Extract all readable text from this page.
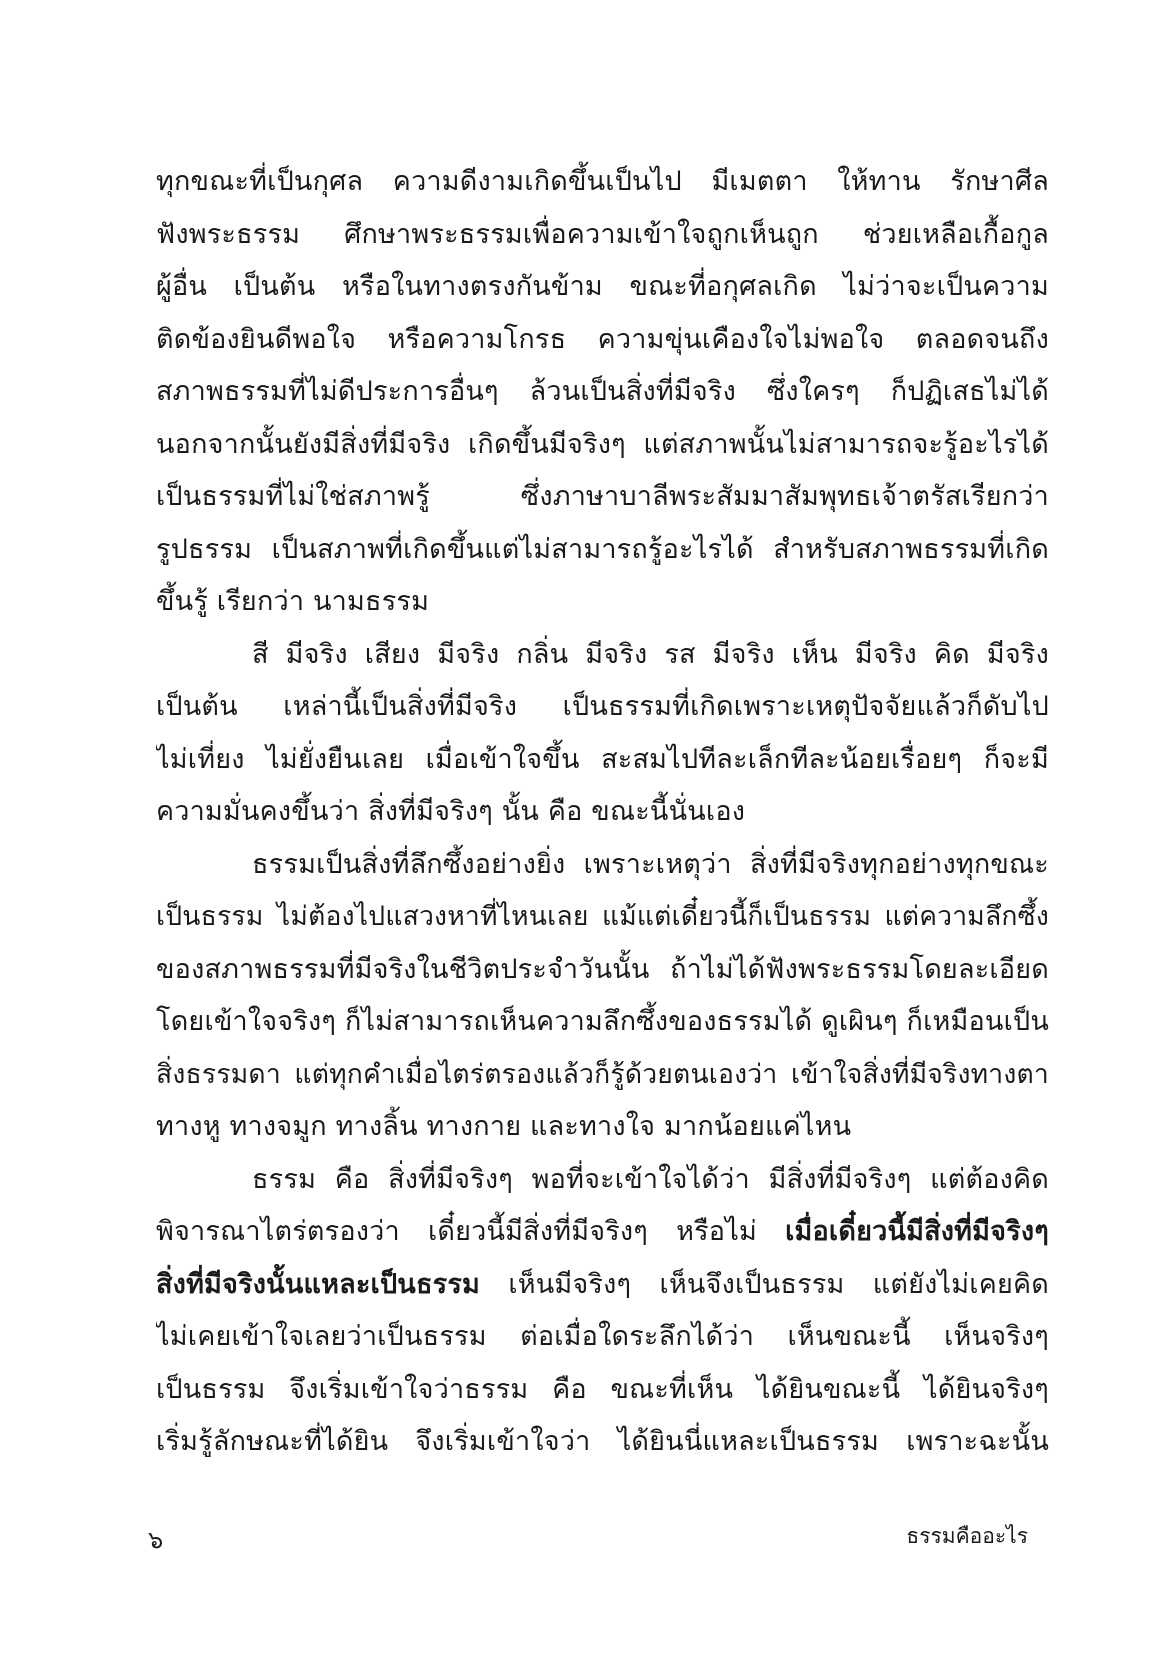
ทุกขณะที่เป็นกุศล ความดีงามเกิดขึ้นเป็นไป มีเมตตา ให้ทาน รักษาศีล
ฟังพระธรรม ศึกษาพระธรรมเพื่อความเข้าใจถูกเห็นถูก ช่วยเหลือเกื้อกูล
ผู้อื่น เป็นต้น หรือในทางตรงกันข้าม ขณะที่อกุศลเกิด ไม่ว่าจะเป็นความ
ติดข้องยินดีพอใจ หรือความโกรธ ความขุ่นเคืองใจไม่พอใจ ตลอดจนถึง
สภาพธรรมที่ไม่ดีประการอื่นๆ ล้วนเป็นสิ่งที่มีจริง ซึ่งใครๆ ก็ปฏิเสธไม่ได้
นอกจากนั้นยังมีสิ่งที่มีจริง เกิดขึ้นมีจริงๆ แต่สภาพนั้นไม่สามารถจะรู้อะไรได้
เป็นธรรมที่ไม่ใช่สภาพรู้ ซึ่งภาษาบาลีพระสัมมาสัมพุทธเจ้าตรัสเรียกว่า
รูปธรรม เป็นสภาพที่เกิดขึ้นแต่ไม่สามารถรู้อะไรได้ สำหรับสภาพธรรมที่เกิด
ขึ้นรู้ เรียกว่า นามธรรม
สี มีจริง เสียง มีจริง กลิ่น มีจริง รส มีจริง เห็น มีจริง คิด มีจริง
เป็นต้น เหล่านี้เป็นสิ่งที่มีจริง เป็นธรรมที่เกิดเพราะเหตุปัจจัยแล้วก็ดับไป
ไม่เที่ยง ไม่ยั่งยืนเลย เมื่อเข้าใจขึ้น สะสมไปทีละเล็กทีละน้อยเรื่อยๆ ก็จะมี
ความมั่นคงขึ้นว่า สิ่งที่มีจริงๆ นั้น คือ ขณะนี้นั่นเอง
ธรรมเป็นสิ่งที่ลึกซึ้งอย่างยิ่ง เพราะเหตุว่า สิ่งที่มีจริงทุกอย่างทุกขณะ
เป็นธรรม ไม่ต้องไปแสวงหาที่ไหนเลย แม้แต่เดี๋ยวนี้ก็เป็นธรรม แต่ความลึกซึ้ง
ของสภาพธรรมที่มีจริงในชีวิตประจำวันนั้น ถ้าไม่ได้ฟังพระธรรมโดยละเอียด
โดยเข้าใจจริงๆ ก็ไม่สามารถเห็นความลึกซึ้งของธรรมได้ ดูเผินๆ ก็เหมือนเป็น
สิ่งธรรมดา แต่ทุกคำเมื่อไตร่ตรองแล้วก็รู้ด้วยตนเองว่า เข้าใจสิ่งที่มีจริงทางตา
ทางหู ทางจมูก ทางลิ้น ทางกาย และทางใจ มากน้อยแค่ไหน
ธรรม คือ สิ่งที่มีจริงๆ พอที่จะเข้าใจได้ว่า มีสิ่งที่มีจริงๆ แต่ต้องคิด
พิจารณาไตร่ตรองว่า เดี๋ยวนี้มีสิ่งที่มีจริงๆ หรือไม่ เมื่อเดี๋ยวนี้มีสิ่งที่มีจริงๆ
สิ่งที่มีจริงนั้นแหละเป็นธรรม เห็นมีจริงๆ เห็นจึงเป็นธรรม แต่ยังไม่เคยคิด
ไม่เคยเข้าใจเลยว่าเป็นธรรม ต่อเมื่อใดระลึกได้ว่า เห็นขณะนี้ เห็นจริงๆ
เป็นธรรม จึงเริ่มเข้าใจว่าธรรม คือ ขณะที่เห็น ได้ยินขณะนี้ ได้ยินจริงๆ
เริ่มรู้ลักษณะที่ได้ยิน จึงเริ่มเข้าใจว่า ได้ยินนี่แหละเป็นธรรม เพราะฉะนั้น
๖	ธรรมคืออะไร
